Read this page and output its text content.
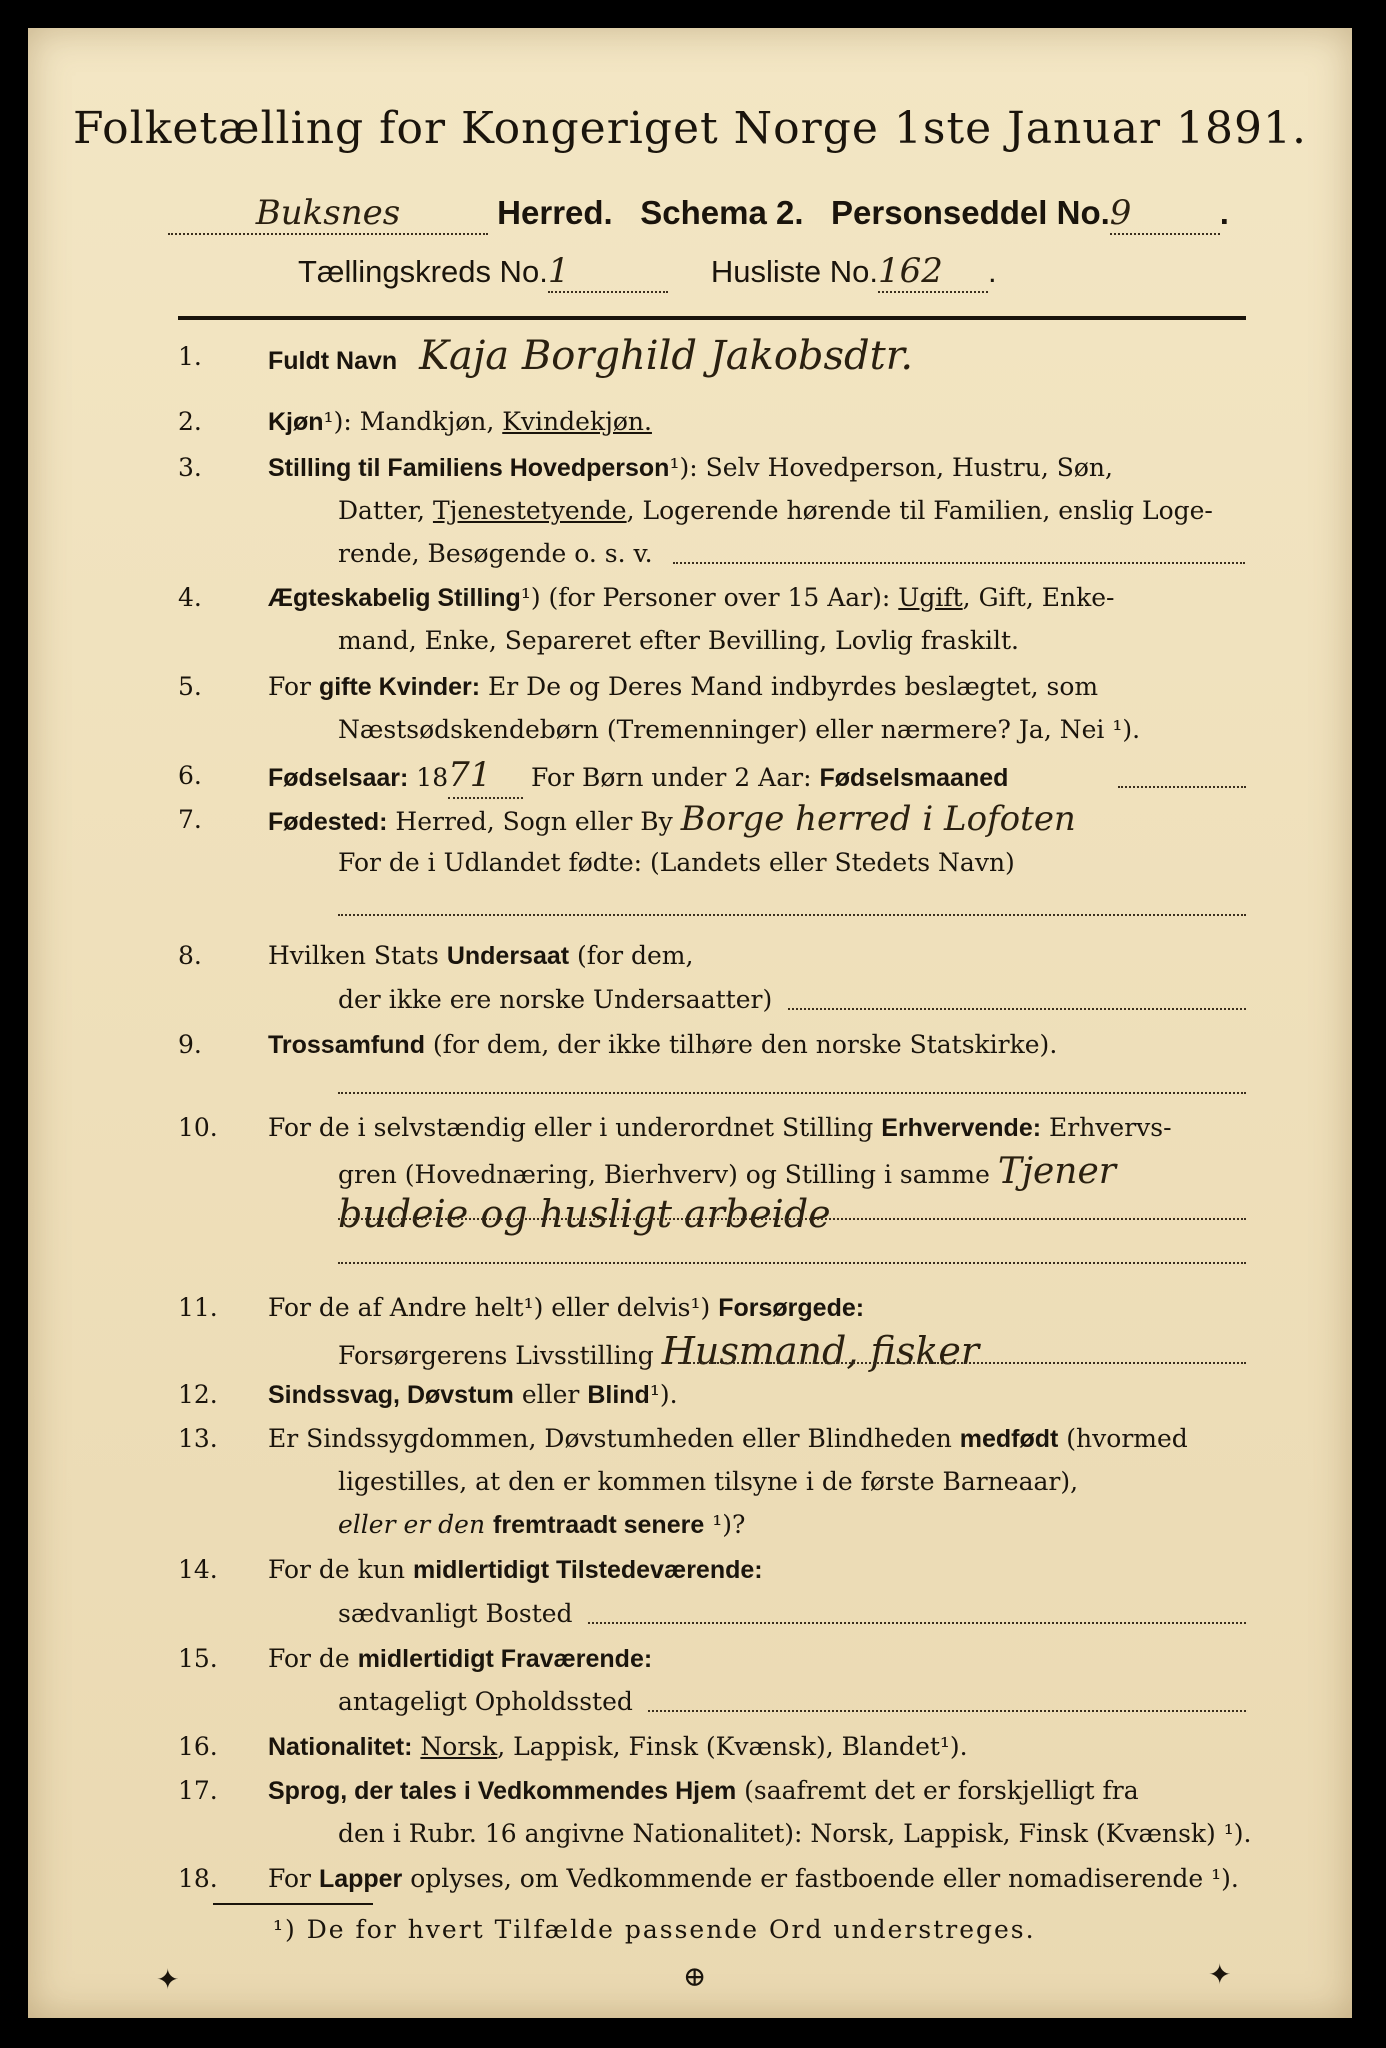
Folketælling for Kongeriget Norge 1ste Januar 1891.
Buksnes	Herred. Schema 2. Personseddel No.9	.
Tællingskreds No.1	Husliste No.162 .
1.	Fuldt Navn Kaja Borghild Jakobsdtr.
2.	Kjøn¹): Mandkjøn, Kvindekjøn.
3.	Stilling til Familiens Hovedperson¹): Selv Hovedperson, Hustru, Søn,
Datter, Tjenestetyende, Logerende hørende til Familien, enslig Loge-
rende, Besøgende o. s. v.
4.	Ægteskabelig Stilling¹) (for Personer over 15 Aar): Ugift, Gift, Enke-
mand, Enke, Separeret efter Bevilling, Lovlig fraskilt.
5.	For gifte Kvinder: Er De og Deres Mand indbyrdes beslægtet, som
Næstsødskendebørn (Tremenninger) eller nærmere? Ja, Nei ¹).
6.	Fødselsaar: 1871 For Børn under 2 Aar: Fødselsmaaned
7.	Fødested: Herred, Sogn eller By Borge herred i Lofoten
For de i Udlandet fødte: (Landets eller Stedets Navn)
8.	Hvilken Stats Undersaat (for dem,
der ikke ere norske Undersaatter)
9.	Trossamfund (for dem, der ikke tilhøre den norske Statskirke).
10.	For de i selvstændig eller i underordnet Stilling Erhvervende: Erhvervs-
gren (Hovednæring, Bierhverv) og Stilling i samme Tjener
budeie og husligt arbeide
11.	For de af Andre helt¹) eller delvis¹) Forsørgede:
Forsørgerens Livsstilling Husmand, fisker
12.	Sindssvag, Døvstum eller Blind¹).
13.	Er Sindssygdommen, Døvstumheden eller Blindheden medfødt (hvormed
ligestilles, at den er kommen tilsyne i de første Barneaar),
eller er den fremtraadt senere ¹)?
14.	For de kun midlertidigt Tilstedeværende:
sædvanligt Bosted
15.	For de midlertidigt Fraværende:
antageligt Opholdssted
16.	Nationalitet: Norsk, Lappisk, Finsk (Kvænsk), Blandet¹).
17.	Sprog, der tales i Vedkommendes Hjem (saafremt det er forskjelligt fra
den i Rubr. 16 angivne Nationalitet): Norsk, Lappisk, Finsk (Kvænsk) ¹).
18.	For Lapper oplyses, om Vedkommende er fastboende eller nomadiserende ¹).
¹) De for hvert Tilfælde passende Ord understreges.
✦	⊕	✦
